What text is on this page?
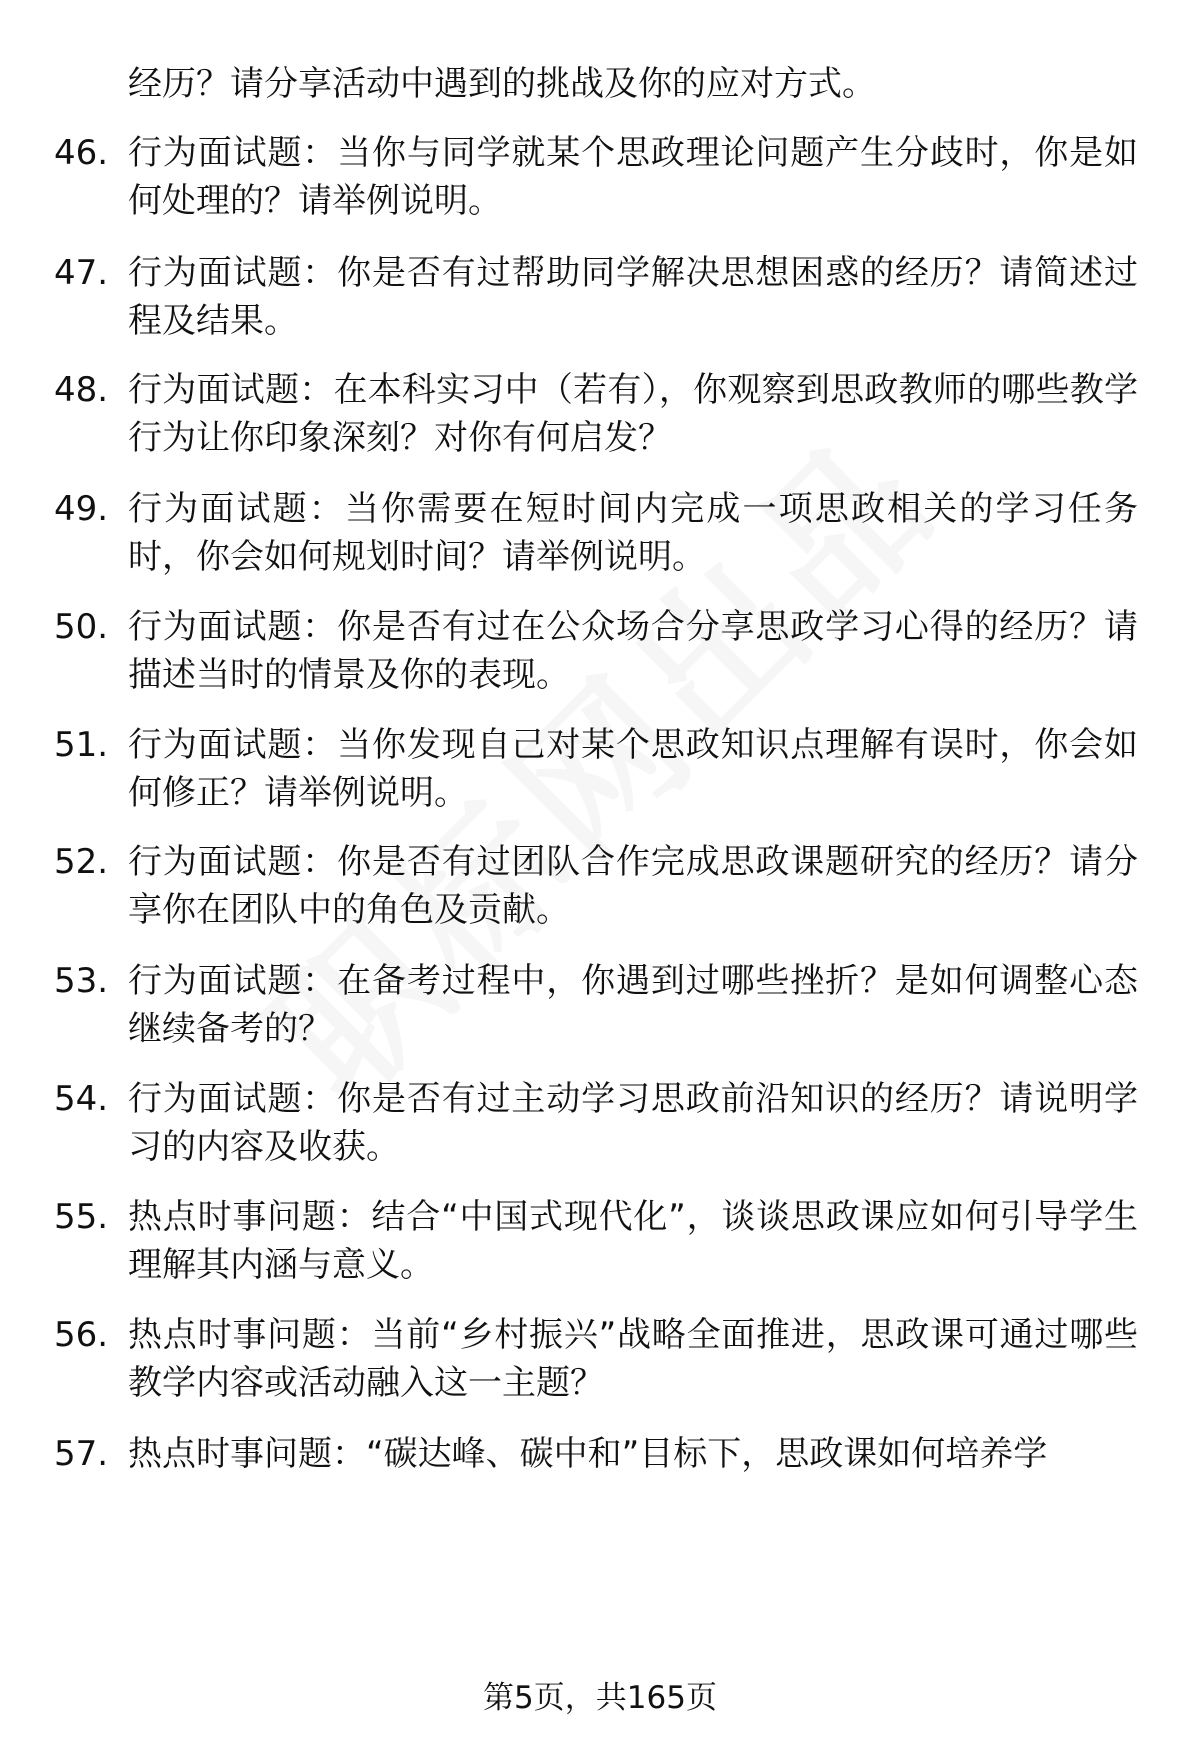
经历？请分享活动中遇到的挑战及你的应对方式。
46. 行为面试题：当你与同学就某个思政理论问题产生分歧时，你是如何处理的？请举例说明。
47. 行为面试题：你是否有过帮助同学解决思想困惑的经历？请简述过程及结果。
48. 行为面试题：在本科实习中（若有），你观察到思政教师的哪些教学行为让你印象深刻？对你有何启发？
49. 行为面试题：当你需要在短时间内完成一项思政相关的学习任务时，你会如何规划时间？请举例说明。
50. 行为面试题：你是否有过在公众场合分享思政学习心得的经历？请描述当时的情景及你的表现。
51. 行为面试题：当你发现自己对某个思政知识点理解有误时，你会如何修正？请举例说明。
52. 行为面试题：你是否有过团队合作完成思政课题研究的经历？请分享你在团队中的角色及贡献。
53. 行为面试题：在备考过程中，你遇到过哪些挫折？是如何调整心态继续备考的？
54. 行为面试题：你是否有过主动学习思政前沿知识的经历？请说明学习的内容及收获。
55. 热点时事问题：结合“中国式现代化”，谈谈思政课应如何引导学生理解其内涵与意义。
56. 热点时事问题：当前“乡村振兴”战略全面推进，思政课可通过哪些教学内容或活动融入这一主题？
57. 热点时事问题：“碳达峰、碳中和”目标下，思政课如何培养学
第5页，共165页
